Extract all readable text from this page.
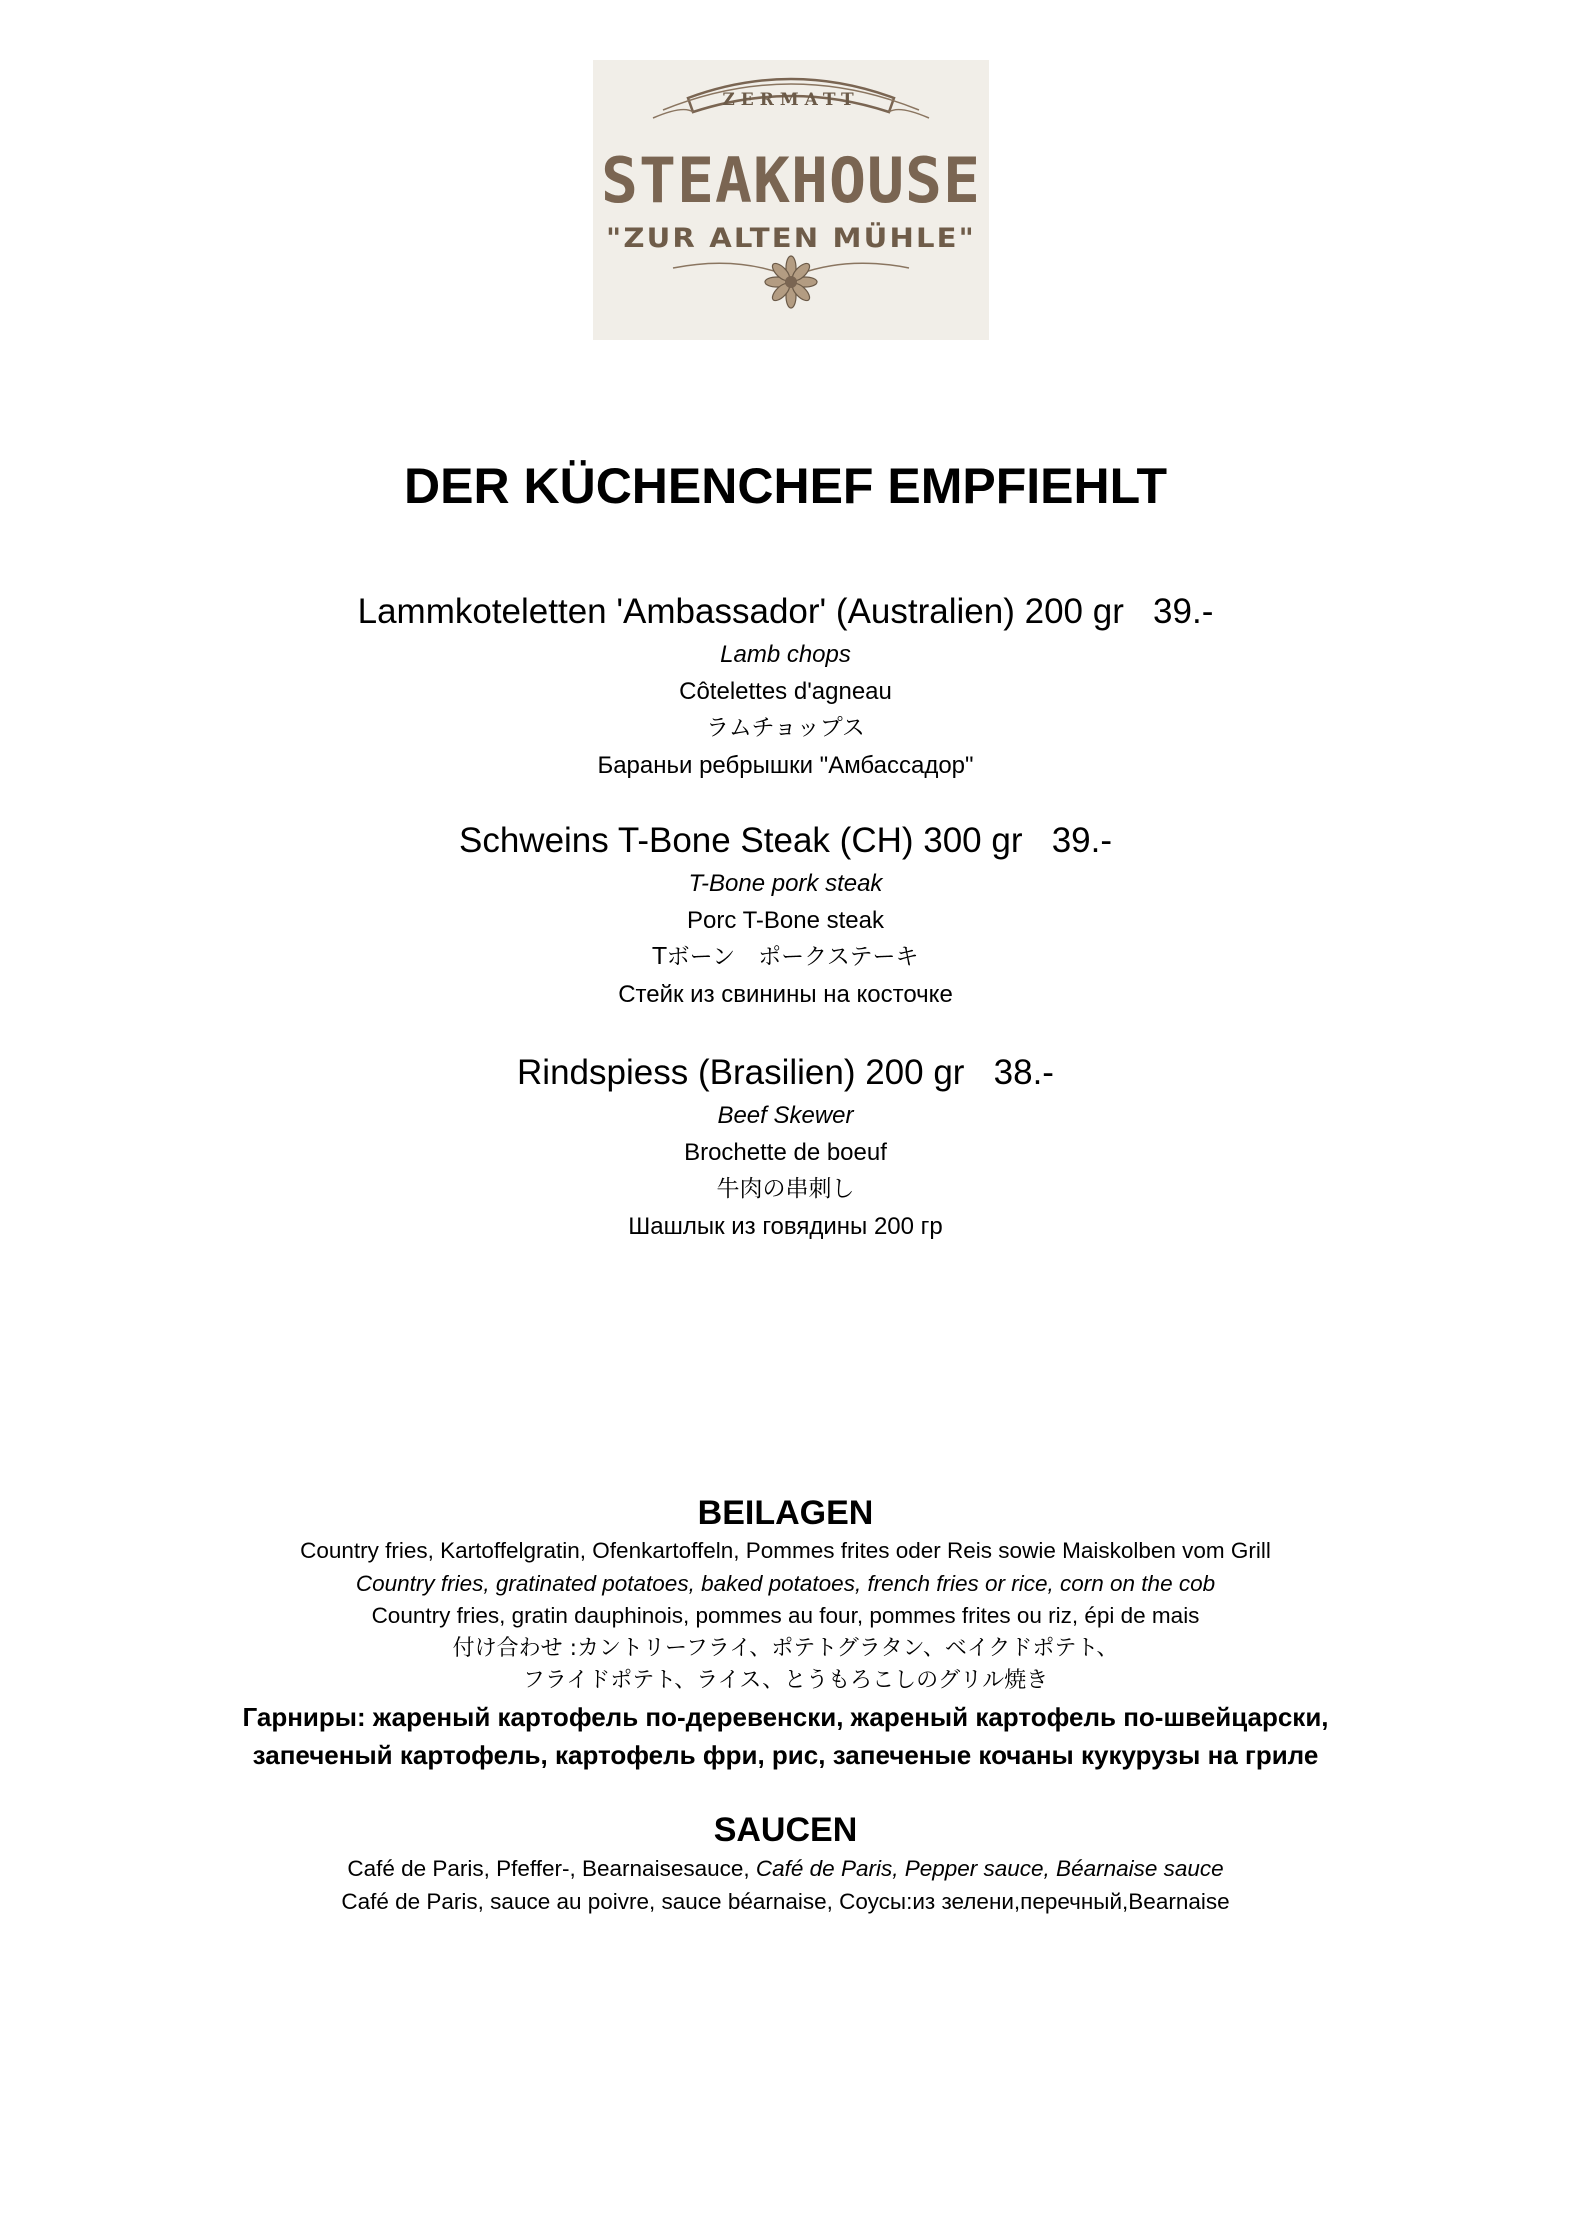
ZERMATT
STEAKHOUSE
"ZUR ALTEN MÜHLE"
DER KÜCHENCHEF EMPFIEHLT
Lammkoteletten 'Ambassador' (Australien) 200 gr 39.-
Lamb chops
Côtelettes d'agneau
ラムチョップス
Бараньи ребрышки "Амбассадор"
Schweins T-Bone Steak (CH) 300 gr 39.-
T-Bone pork steak
Porc T-Bone steak
Tボーン　ポークステーキ
Стейк из свинины на косточке
Rindspiess (Brasilien) 200 gr 38.-
Beef Skewer
Brochette de boeuf
牛肉の串刺し
Шашлык из говядины 200 гр
BEILAGEN
Country fries, Kartoffelgratin, Ofenkartoffeln, Pommes frites oder Reis sowie Maiskolben vom Grill
Country fries, gratinated potatoes, baked potatoes, french fries or rice, corn on the cob
Country fries, gratin dauphinois, pommes au four, pommes frites ou riz, épi de mais
付け合わせ :カントリーフライ、ポテトグラタン、ベイクドポテト、
フライドポテト、ライス、とうもろこしのグリル焼き
Гарниры: жареный картофель по-деревенски, жареный картофель по-швейцарски,
запеченый картофель, картофель фри, рис, запеченые кочаны кукурузы на гриле
SAUCEN
Café de Paris, Pfeffer-, Bearnaisesauce, Café de Paris, Pepper sauce, Béarnaise sauce
Café de Paris, sauce au poivre, sauce béarnaise, Соусы:из зелени,перечный,Bearnaise
